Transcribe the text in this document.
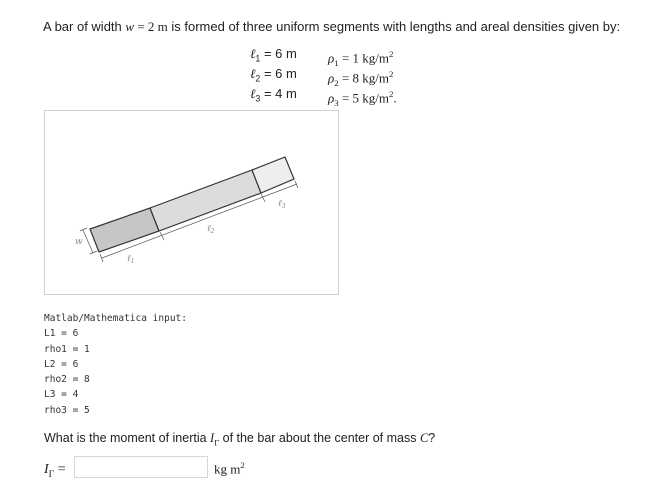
A bar of width w = 2 m is formed of three uniform segments with lengths and areal densities given by:
ℓ$_1$ = 6 m $\rho_1 = 1$ $kg/m^2$
ℓ$_2$ = 6 m $\rho_2 = 8$ $kg/m^2$
ℓ$_3$ = 4 m $\rho_3 = 5$ $kg/m^2$.
w
ℓ$_1$
ℓ$_2$
ℓ$_3$
Matlab/Mathematica input:
L1 = 6
rho1 = 1
L2 = 6
rho2 = 8
L3 = 4
rho3 = 5
What is the moment of inertia $I_\Gamma$ of the bar about the center of mass C?
$I_\Gamma$ =	kg $m^2$
